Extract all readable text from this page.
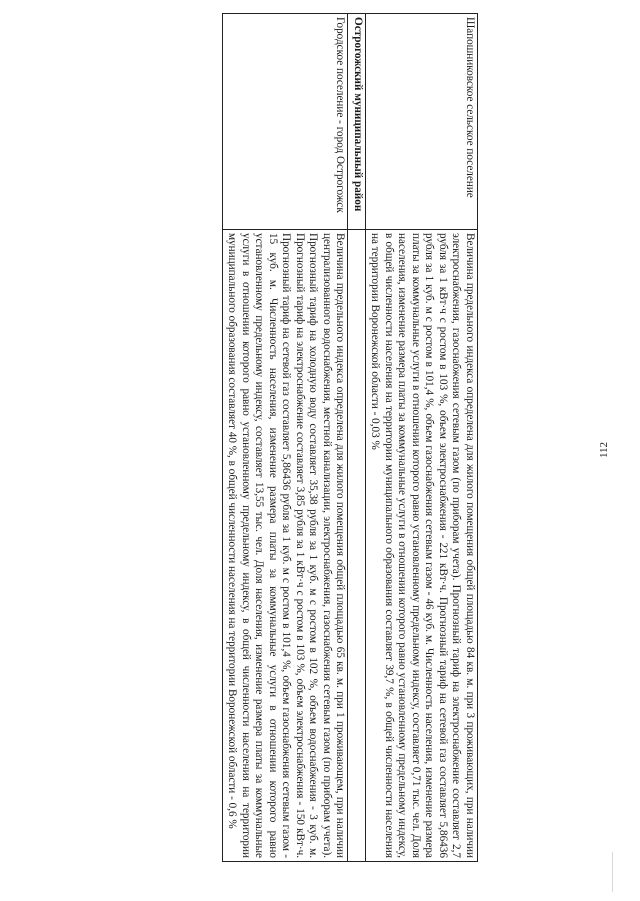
112
Шапошниковское сельское поселение	Величина предельного индекса определена для жилого помещения общей площадью 84 кв. м. при 3 проживающих, при наличии электроснабжения, газоснабжения сетевым газом (по приборам учета). Прогнозный тариф на электроснабжение составляет 2,7 рубля за 1 кВт·ч с ростом в 103 %, объем электроснабжения - 221 кВт·ч. Прогнозный тариф на сетевой газ составляет 5,86436 рубля за 1 куб. м с ростом в 101,4 %, объем газоснабжения сетевым газом - 46 куб. м. Численность населения, изменение размера платы за коммунальные услуги в отношении которого равно установленному предельному индексу, составляет 0,71 тыс. чел. Доля населения, изменение размера платы за коммунальные услуги в отношении которого равно установленному предельному индексу, в общей численности населения на территории муниципального образования составляет 39,7 %, в общей численности населения на территории Воронежской области - 0,03 %
Острогожский муниципальный район	
Городское поселение - город Острогожск	Величина предельного индекса определена для жилого помещения общей площадью 65 кв. м. при 1 проживающем, при наличии централизованного водоснабжения, местной канализации, электроснабжения, газоснабжения сетевым газом (по приборам учета). Прогнозный тариф на холодную воду составляет 35,38 рубля за 1 куб. м с ростом в 102 %, объем водоснабжения - 3 куб. м. Прогнозный тариф на электроснабжение составляет 3,85 рубля за 1 кВт·ч с ростом в 103 %, объем электроснабжения - 150 кВт·ч. Прогнозный тариф на сетевой газ составляет 5,86436 рубля за 1 куб. м с ростом в 101,4 %, объем газоснабжения сетевым газом - 15 куб. м. Численность населения, изменение размера платы за коммунальные услуги в отношении которого равно установленному предельному индексу, составляет 13,55 тыс. чел. Доля населения, изменение размера платы за коммунальные услуги в отношении которого равно установленному предельному индексу, в общей численности населения на территории муниципального образования составляет 40 %, в общей численности населения на территории Воронежской области - 0,6 %
